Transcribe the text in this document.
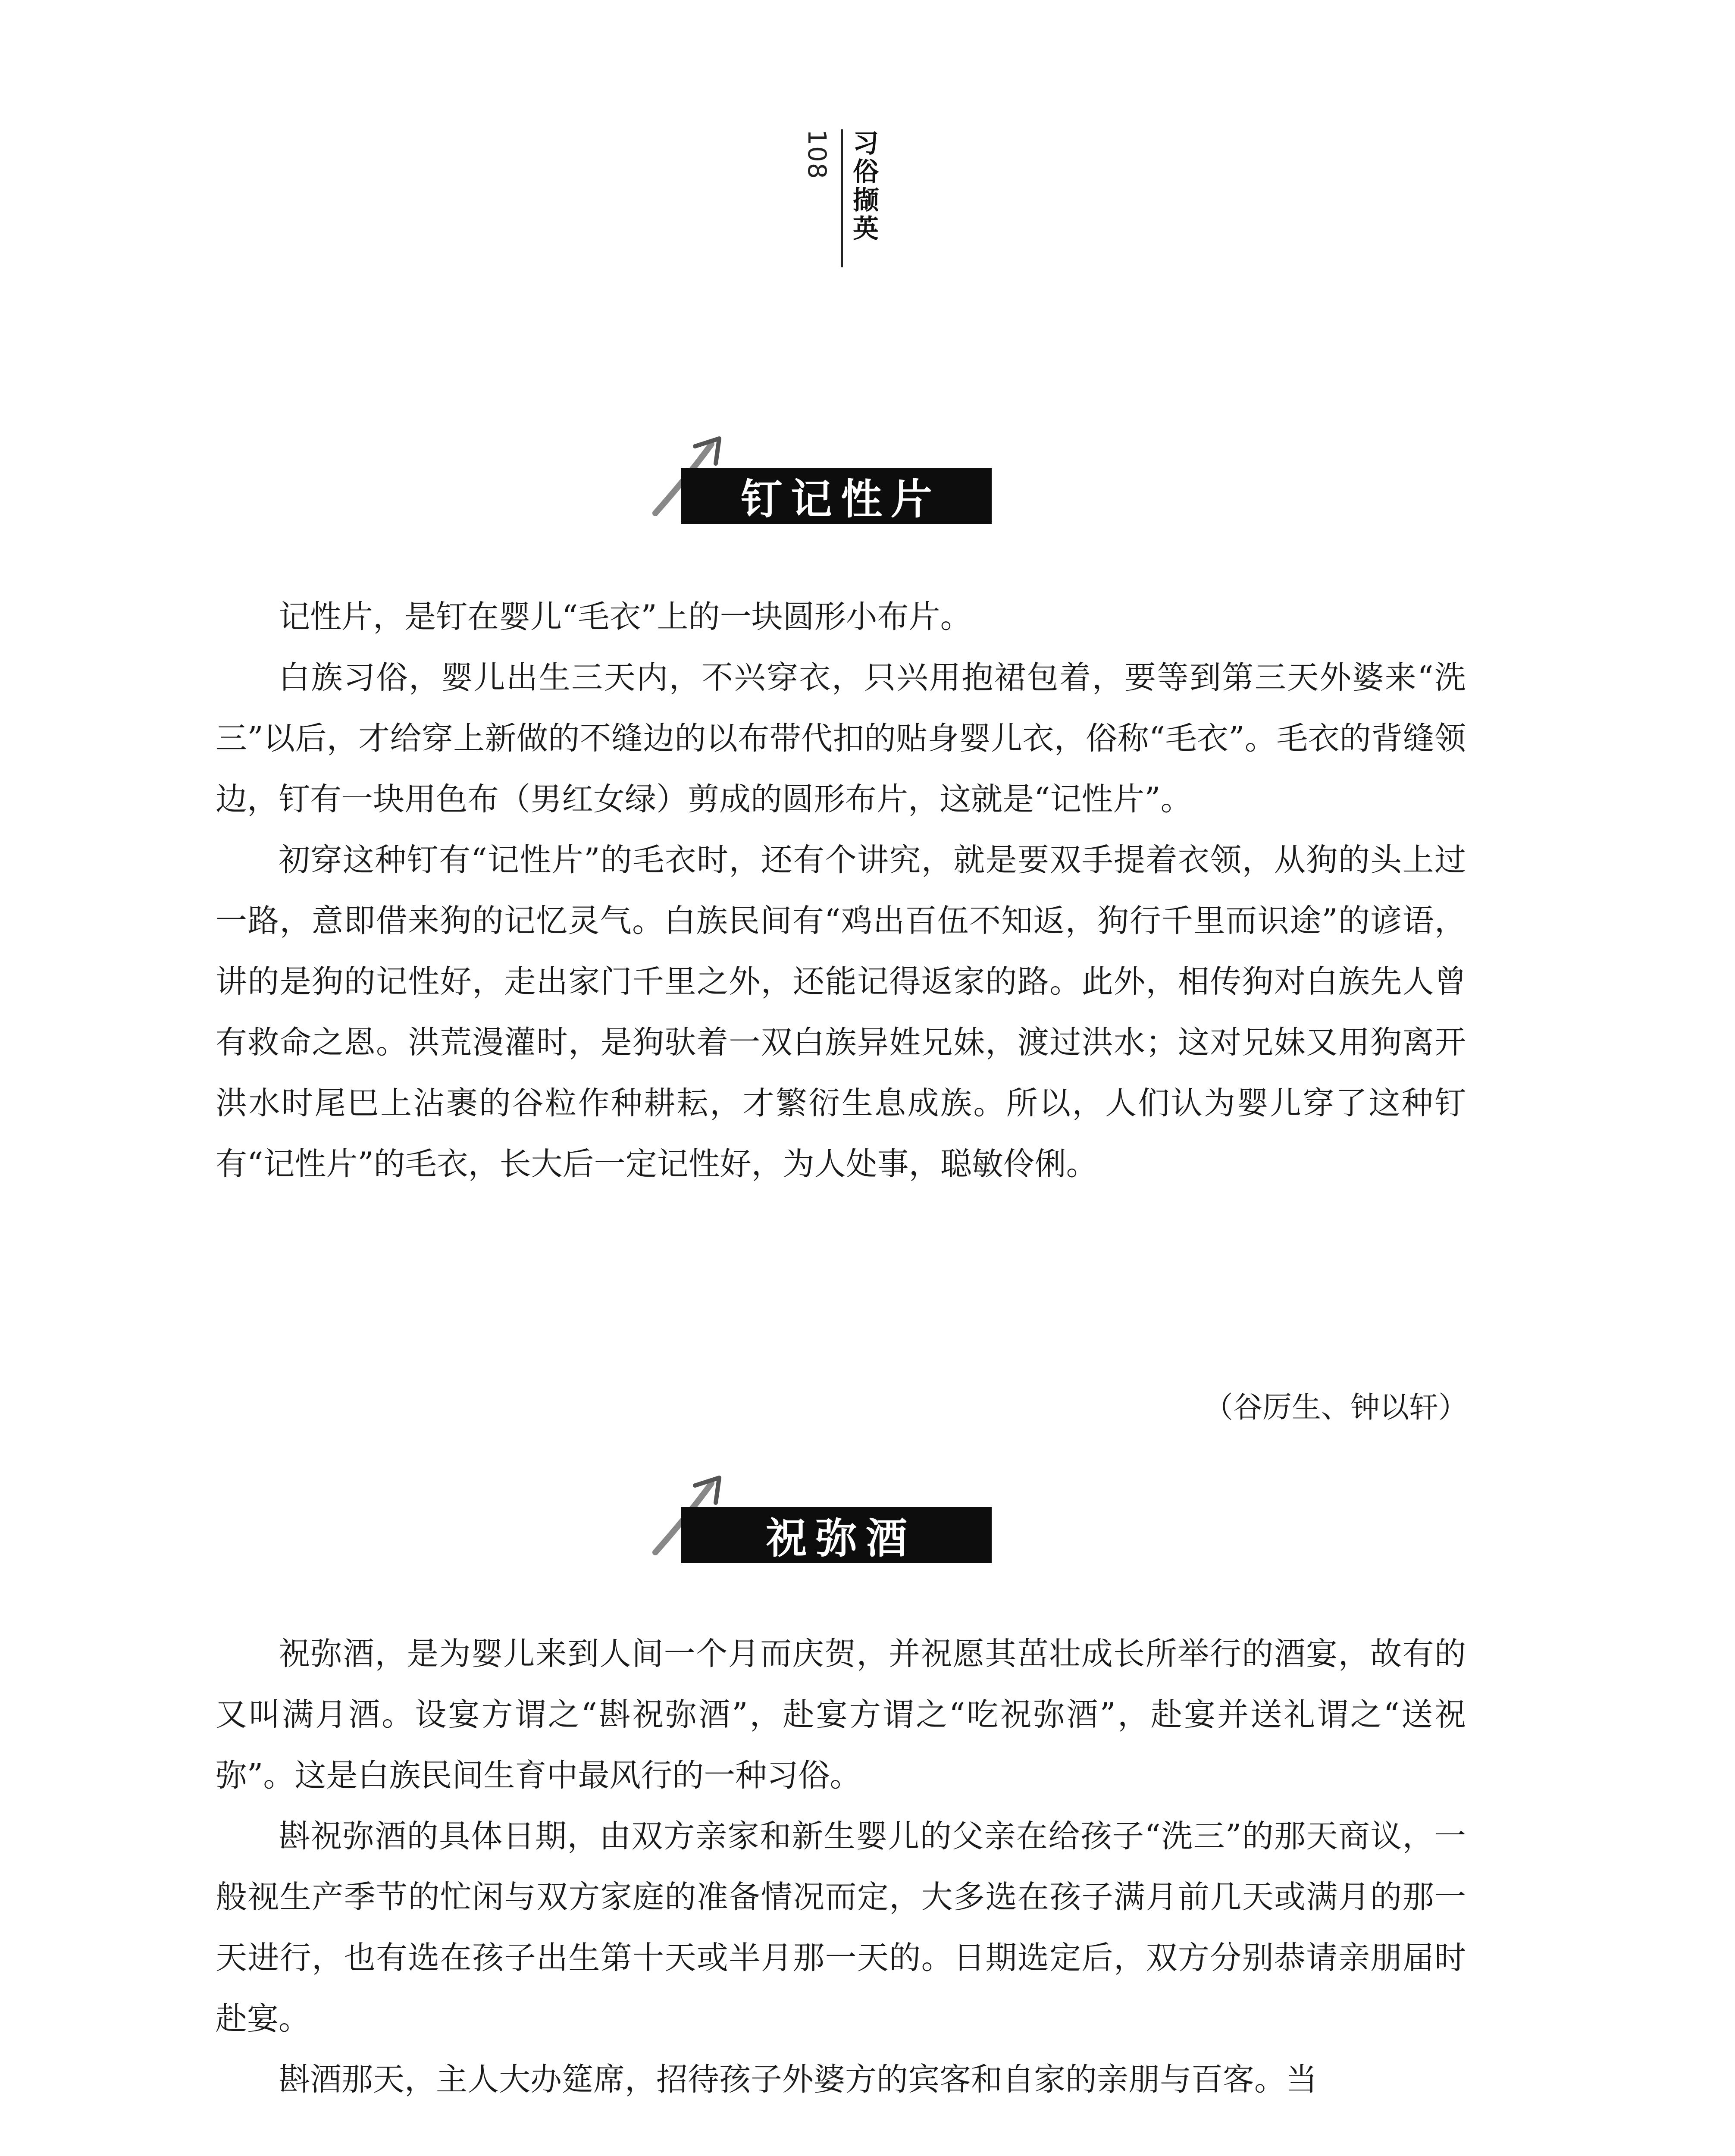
108 习俗撷英
钉记性片

记性片，是钉在婴儿“毛衣”上的一块圆形小布片。

白族习俗，婴儿出生三天内，不兴穿衣，只兴用抱裙包着，要等到第三天外婆来“洗三”以后，才给穿上新做的不缝边的以布带代扣的贴身婴儿衣，俗称“毛衣”。毛衣的背缝领边，钉有一块用色布（男红女绿）剪成的圆形布片，这就是“记性片”。

初穿这种钉有“记性片”的毛衣时，还有个讲究，就是要双手提着衣领，从狗的头上过一路，意即借来狗的记忆灵气。白族民间有“鸡出百伍不知返，狗行千里而识途”的谚语，讲的是狗的记性好，走出家门千里之外，还能记得返家的路。此外，相传狗对白族先人曾有救命之恩。洪荒漫灌时，是狗驮着一双白族异姓兄妹，渡过洪水；这对兄妹又用狗离开洪水时尾巴上沾裹的谷粒作种耕耘，才繁衍生息成族。所以，人们认为婴儿穿了这种钉有“记性片”的毛衣，长大后一定记性好，为人处事，聪敏伶俐。

（谷厉生、钟以轩）
祝弥酒

祝弥酒，是为婴儿来到人间一个月而庆贺，并祝愿其茁壮成长所举行的酒宴，故有的又叫满月酒。设宴方谓之“斟祝弥酒”，赴宴方谓之“吃祝弥酒”，赴宴并送礼谓之“送祝弥”。这是白族民间生育中最风行的一种习俗。

斟祝弥酒的具体日期，由双方亲家和新生婴儿的父亲在给孩子“洗三”的那天商议，一般视生产季节的忙闲与双方家庭的准备情况而定，大多选在孩子满月前几天或满月的那一天进行，也有选在孩子出生第十天或半月那一天的。日期选定后，双方分别恭请亲朋届时赴宴。

斟酒那天，主人大办筵席，招待孩子外婆方的宾客和自家的亲朋与百客。当
